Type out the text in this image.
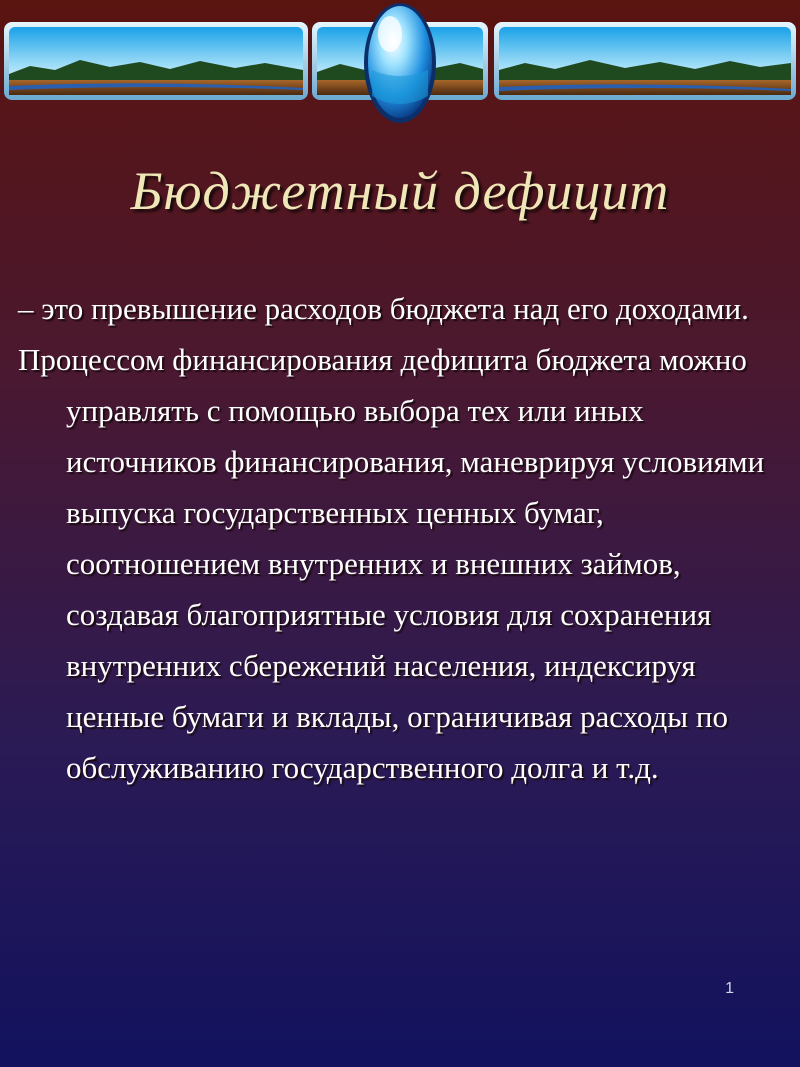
Бюджетный дефицит

– это превышение расходов бюджета над его доходами.

Процессом финансирования дефицита бюджета можно управлять с помощью выбора тех или иных источников финансирования, маневрируя условиями выпуска государственных ценных бумаг, соотношением внутренних и внешних займов, создавая благоприятные условия для сохранения внутренних сбережений населения, индексируя ценные бумаги и вклады, ограничивая расходы по обслуживанию государственного долга и т.д.

1
